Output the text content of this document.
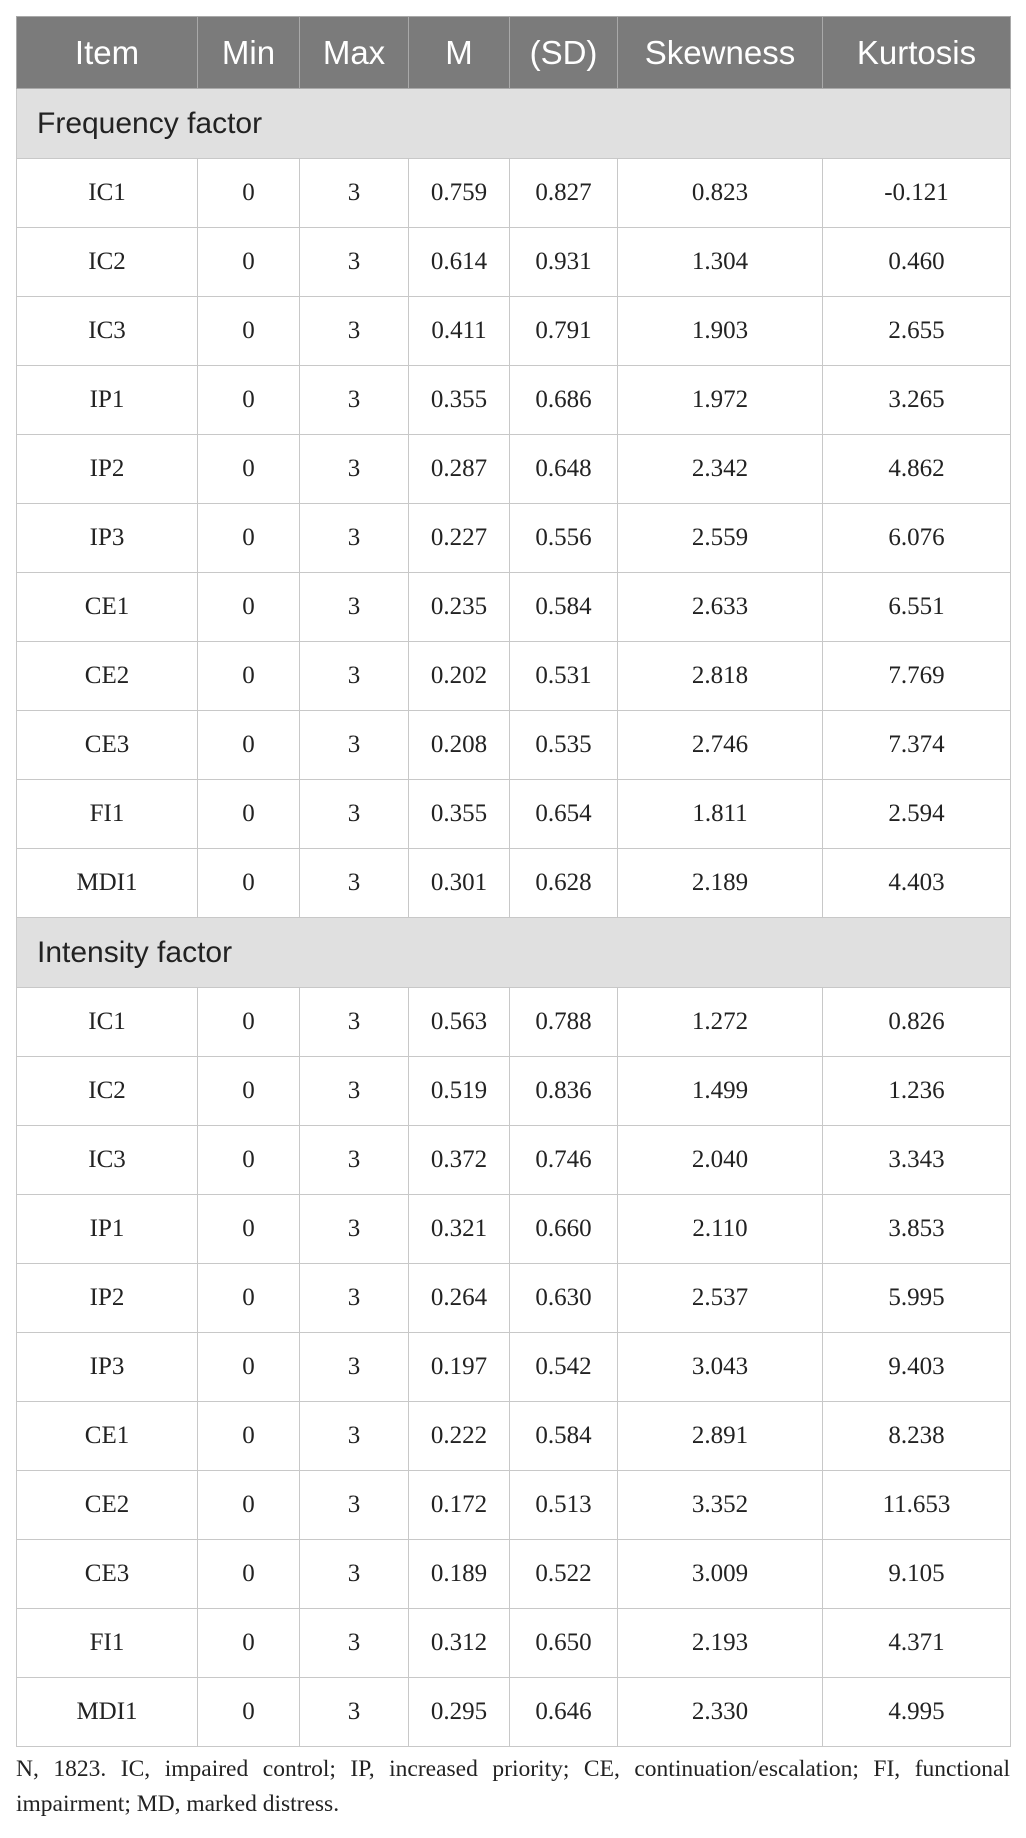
Item	Min	Max	M	(SD)	Skewness	Kurtosis
Frequency factor						
IC1	0	3	0.759	0.827	0.823	-0.121
IC2	0	3	0.614	0.931	1.304	0.460
IC3	0	3	0.411	0.791	1.903	2.655
IP1	0	3	0.355	0.686	1.972	3.265
IP2	0	3	0.287	0.648	2.342	4.862
IP3	0	3	0.227	0.556	2.559	6.076
CE1	0	3	0.235	0.584	2.633	6.551
CE2	0	3	0.202	0.531	2.818	7.769
CE3	0	3	0.208	0.535	2.746	7.374
FI1	0	3	0.355	0.654	1.811	2.594
MDI1	0	3	0.301	0.628	2.189	4.403
Intensity factor						
IC1	0	3	0.563	0.788	1.272	0.826
IC2	0	3	0.519	0.836	1.499	1.236
IC3	0	3	0.372	0.746	2.040	3.343
IP1	0	3	0.321	0.660	2.110	3.853
IP2	0	3	0.264	0.630	2.537	5.995
IP3	0	3	0.197	0.542	3.043	9.403
CE1	0	3	0.222	0.584	2.891	8.238
CE2	0	3	0.172	0.513	3.352	11.653
CE3	0	3	0.189	0.522	3.009	9.105
FI1	0	3	0.312	0.650	2.193	4.371
MDI1	0	3	0.295	0.646	2.330	4.995
N, 1823. IC, impaired control; IP, increased priority; CE, continuation/escalation; FI, functional impairment; MD, marked distress.
